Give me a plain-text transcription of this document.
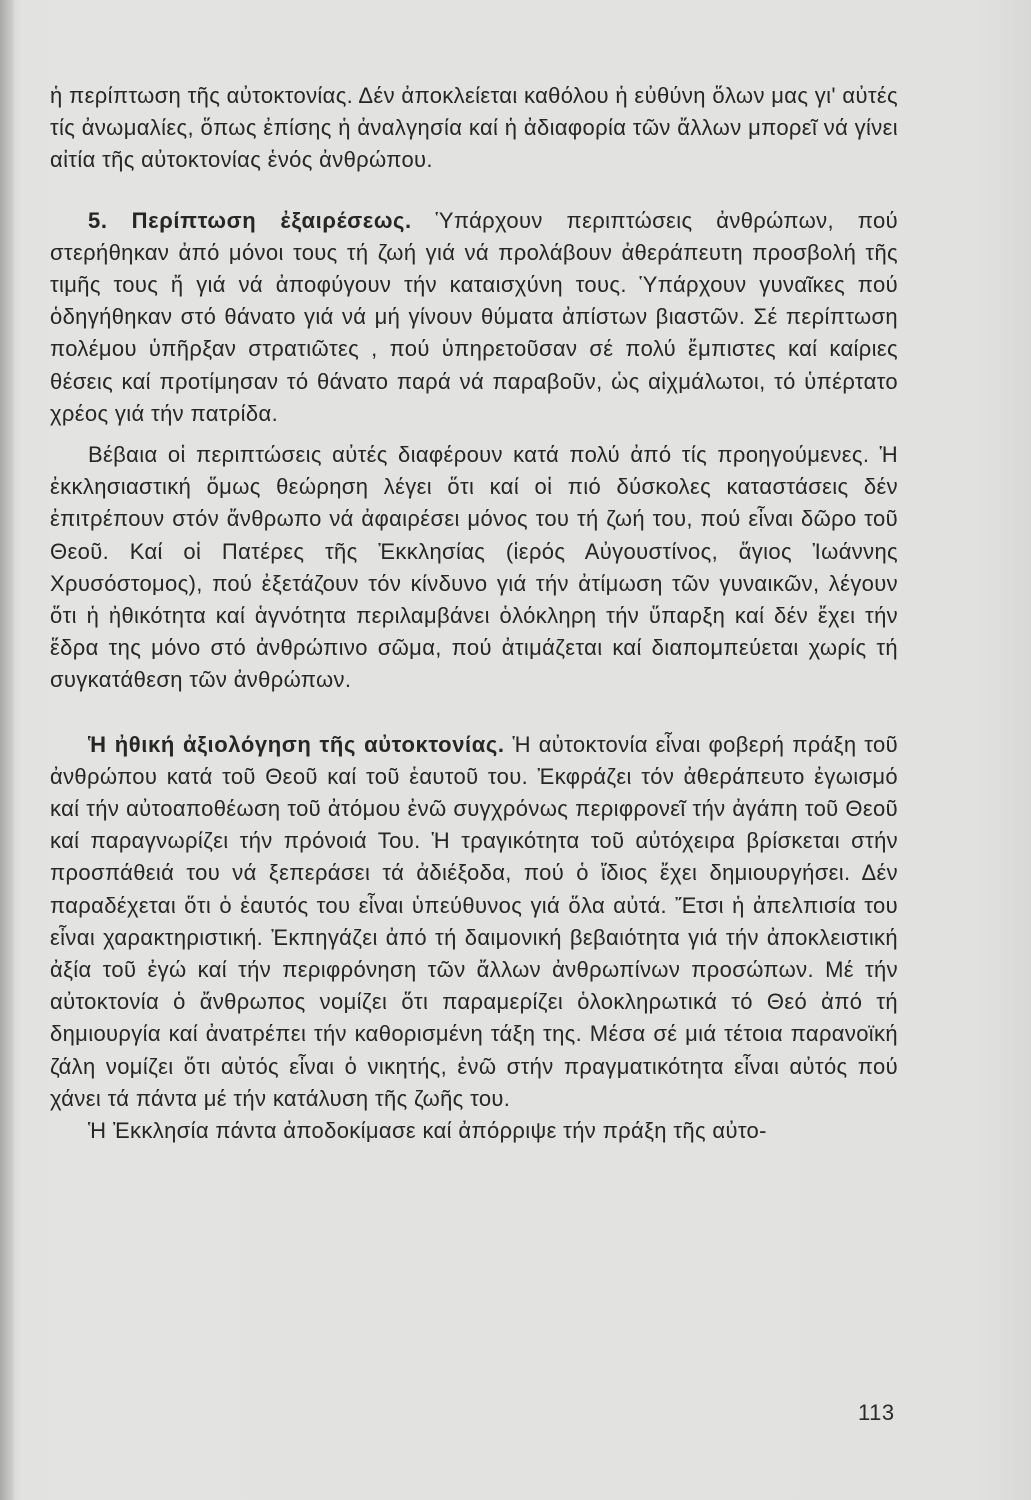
ἡ περίπτωση τῆς αὐτοκτονίας. Δέν ἀποκλείεται καθόλου ἡ εὐθύνη ὅλων μας γι' αὐτές τίς ἀνωμαλίες, ὅπως ἐπίσης ἡ ἀναλγησία καί ἡ ἀδιαφορία τῶν ἄλλων μπορεῖ νά γίνει αἰτία τῆς αὐτοκτονίας ἑνός ἀνθρώπου.

5. Περίπτωση ἐξαιρέσεως. Ὑπάρχουν περιπτώσεις ἀνθρώπων, πού στερήθηκαν ἀπό μόνοι τους τή ζωή γιά νά προλάβουν ἀθεράπευτη προσβολή τῆς τιμῆς τους ἤ γιά νά ἀποφύγουν τήν καταισχύνη τους. Ὑπάρχουν γυναῖκες πού ὁδηγήθηκαν στό θάνατο γιά νά μή γίνουν θύματα ἀπίστων βιαστῶν. Σέ περίπτωση πολέμου ὑπῆρξαν στρατιῶτες , πού ὑπηρετοῦσαν σέ πολύ ἔμπιστες καί καίριες θέσεις καί προτίμησαν τό θάνατο παρά νά παραβοῦν, ὡς αἰχμάλωτοι, τό ὑπέρτατο χρέος γιά τήν πατρίδα.

Βέβαια οἱ περιπτώσεις αὐτές διαφέρουν κατά πολύ ἀπό τίς προηγούμενες. Ἡ ἐκκλησιαστική ὅμως θεώρηση λέγει ὅτι καί οἱ πιό δύσκολες καταστάσεις δέν ἐπιτρέπουν στόν ἄνθρωπο νά ἀφαιρέσει μόνος του τή ζωή του, πού εἶναι δῶρο τοῦ Θεοῦ. Καί οἱ Πατέρες τῆς Ἐκκλησίας (ἱερός Αὐγουστίνος, ἅγιος Ἰωάννης Χρυσόστομος), πού ἐξετάζουν τόν κίνδυνο γιά τήν ἀτίμωση τῶν γυναικῶν, λέγουν ὅτι ἡ ἠθικότητα καί ἁγνότητα περιλαμβάνει ὁλόκληρη τήν ὕπαρξη καί δέν ἔχει τήν ἕδρα της μόνο στό ἀνθρώπινο σῶμα, πού ἀτιμάζεται καί διαπομπεύεται χωρίς τή συγκατάθεση τῶν ἀνθρώπων.

Ἡ ἠθική ἀξιολόγηση τῆς αὐτοκτονίας. Ἡ αὐτοκτονία εἶναι φοβερή πράξη τοῦ ἀνθρώπου κατά τοῦ Θεοῦ καί τοῦ ἑαυτοῦ του. Ἐκφράζει τόν ἀθεράπευτο ἐγωισμό καί τήν αὐτοαποθέωση τοῦ ἀτόμου ἐνῶ συγχρόνως περιφρονεῖ τήν ἀγάπη τοῦ Θεοῦ καί παραγνωρίζει τήν πρόνοιά Του. Ἡ τραγικότητα τοῦ αὐτόχειρα βρίσκεται στήν προσπάθειά του νά ξεπεράσει τά ἀδιέξοδα, πού ὁ ἴδιος ἔχει δημιουργήσει. Δέν παραδέχεται ὅτι ὁ ἑαυτός του εἶναι ὑπεύθυνος γιά ὅλα αὐτά. Ἔτσι ἡ ἀπελπισία του εἶναι χαρακτηριστική. Ἐκπηγάζει ἀπό τή δαιμονική βεβαιότητα γιά τήν ἀποκλειστική ἀξία τοῦ ἐγώ καί τήν περιφρόνηση τῶν ἄλλων ἀνθρωπίνων προσώπων. Μέ τήν αὐτοκτονία ὁ ἄνθρωπος νομίζει ὅτι παραμερίζει ὁλοκληρωτικά τό Θεό ἀπό τή δημιουργία καί ἀνατρέπει τήν καθορισμένη τάξη της. Μέσα σέ μιά τέτοια παρανοϊκή ζάλη νομίζει ὅτι αὐτός εἶναι ὁ νικητής, ἐνῶ στήν πραγματικότητα εἶναι αὐτός πού χάνει τά πάντα μέ τήν κατάλυση τῆς ζωῆς του.

Ἡ Ἐκκλησία πάντα ἀποδοκίμασε καί ἀπόρριψε τήν πράξη τῆς αὐτο-

113
